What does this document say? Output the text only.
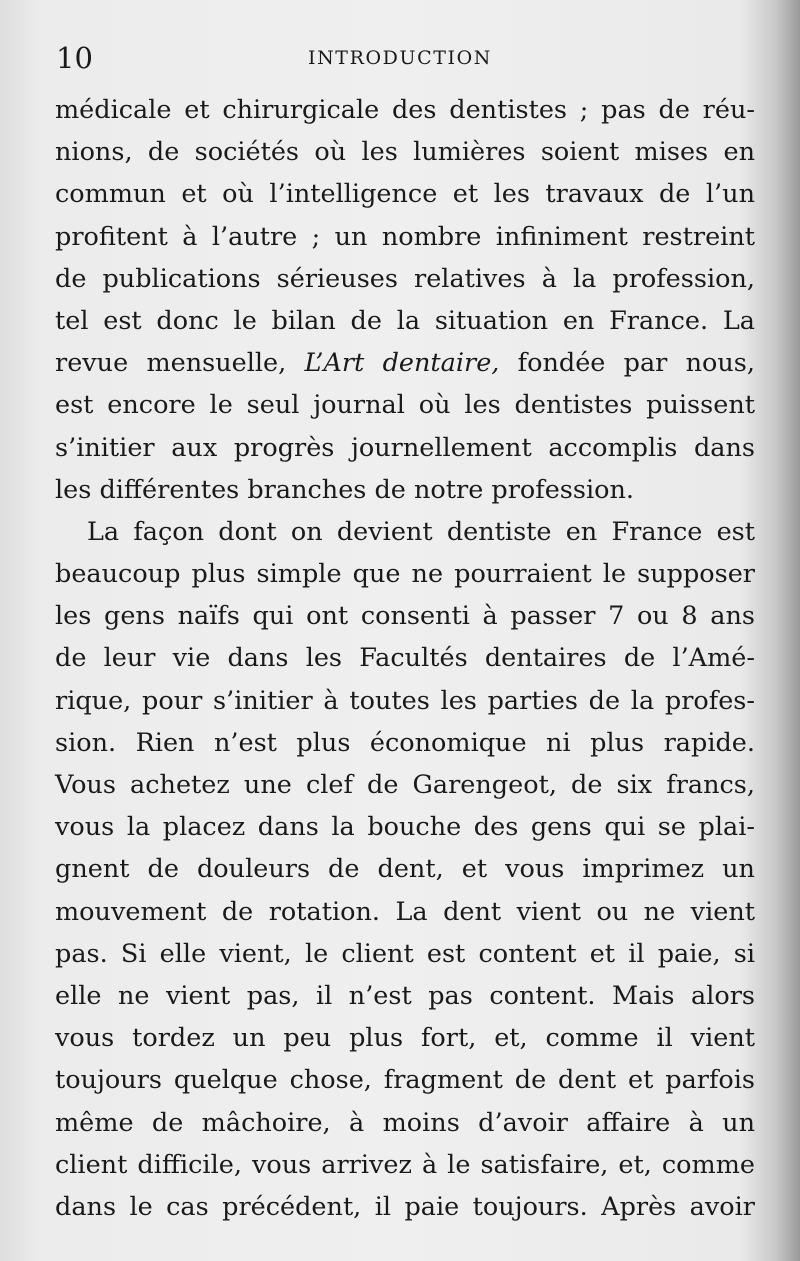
10	INTRODUCTION
médicale et chirurgicale des dentistes ; pas de réu-
nions, de sociétés où les lumières soient mises en
commun et où l’intelligence et les travaux de l’un
profitent à l’autre ; un nombre infiniment restreint
de publications sérieuses relatives à la profession,
tel est donc le bilan de la situation en France. La
revue mensuelle, L’Art dentaire, fondée par nous,
est encore le seul journal où les dentistes puissent
s’initier aux progrès journellement accomplis dans
les différentes branches de notre profession.
La façon dont on devient dentiste en France est
beaucoup plus simple que ne pourraient le supposer
les gens naïfs qui ont consenti à passer 7 ou 8 ans
de leur vie dans les Facultés dentaires de l’Amé-
rique, pour s’initier à toutes les parties de la profes-
sion. Rien n’est plus économique ni plus rapide.
Vous achetez une clef de Garengeot, de six francs,
vous la placez dans la bouche des gens qui se plai-
gnent de douleurs de dent, et vous imprimez un
mouvement de rotation. La dent vient ou ne vient
pas. Si elle vient, le client est content et il paie, si
elle ne vient pas, il n’est pas content. Mais alors
vous tordez un peu plus fort, et, comme il vient
toujours quelque chose, fragment de dent et parfois
même de mâchoire, à moins d’avoir affaire à un
client difficile, vous arrivez à le satisfaire, et, comme
dans le cas précédent, il paie toujours. Après avoir
